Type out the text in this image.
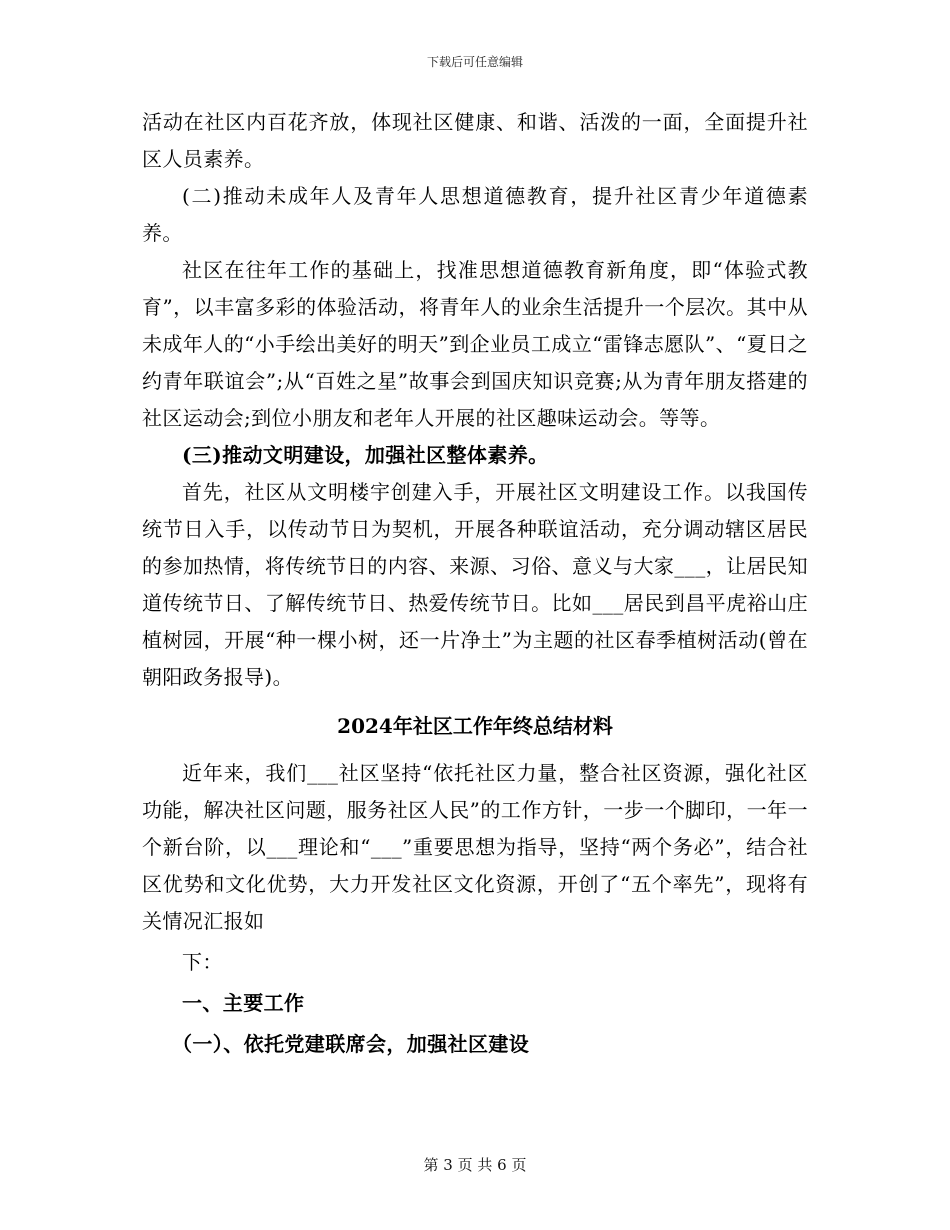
下载后可任意编辑

活动在社区内百花齐放，体现社区健康、和谐、活泼的一面，全面提升社区人员素养。

(二)推动未成年人及青年人思想道德教育，提升社区青少年道德素养。

社区在往年工作的基础上，找准思想道德教育新角度，即“体验式教育”，以丰富多彩的体验活动，将青年人的业余生活提升一个层次。其中从未成年人的“小手绘出美好的明天”到企业员工成立“雷锋志愿队”、“夏日之约青年联谊会”;从“百姓之星”故事会到国庆知识竞赛;从为青年朋友搭建的社区运动会;到位小朋友和老年人开展的社区趣味运动会。等等。

(三)推动文明建设，加强社区整体素养。

首先，社区从文明楼宇创建入手，开展社区文明建设工作。以我国传统节日入手，以传动节日为契机，开展各种联谊活动，充分调动辖区居民的参加热情，将传统节日的内容、来源、习俗、意义与大家___，让居民知道传统节日、了解传统节日、热爱传统节日。比如___居民到昌平虎裕山庄植树园，开展“种一棵小树，还一片净土”为主题的社区春季植树活动(曾在朝阳政务报导)。

2024年社区工作年终总结材料

近年来，我们___社区坚持“依托社区力量，整合社区资源，强化社区功能，解决社区问题，服务社区人民”的工作方针，一步一个脚印，一年一个新台阶，以___理论和“___”重要思想为指导，坚持“两个务必”，结合社区优势和文化优势，大力开发社区文化资源，开创了“五个率先”，现将有关情况汇报如

下：

一、主要工作

（一）、依托党建联席会，加强社区建设

第 3 页 共 6 页
